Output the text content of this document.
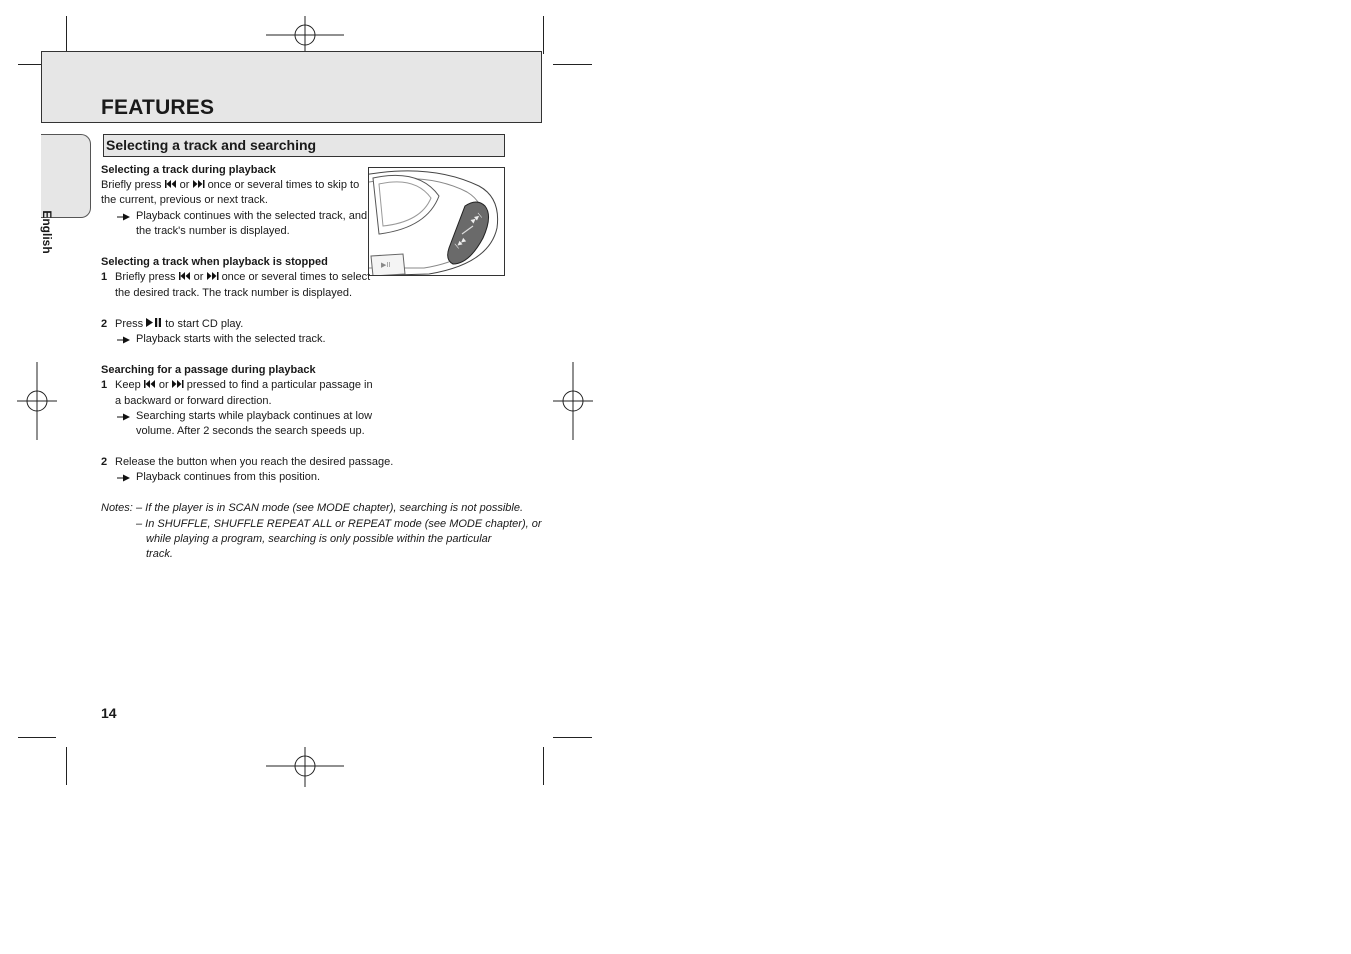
FEATURES
English
Selecting a track and searching
Selecting a track during playback
Briefly press or once or several times to skip to
the current, previous or next track.
Playback continues with the selected track, and
the track's number is displayed.
▶▶|
|◀◀
▶II
Selecting a track when playback is stopped
1 Briefly press or once or several times to select
the desired track. The track number is displayed.
2 Press to start CD play.
Playback starts with the selected track.
Searching for a passage during playback
1 Keep or pressed to find a particular passage in
a backward or forward direction.
Searching starts while playback continues at low
volume. After 2 seconds the search speeds up.
2 Release the button when you reach the desired passage.
Playback continues from this position.
Notes: – If the player is in SCAN mode (see MODE chapter), searching is not possible.
– In SHUFFLE, SHUFFLE REPEAT ALL or REPEAT mode (see MODE chapter), or
while playing a program, searching is only possible within the particular
track.
14
